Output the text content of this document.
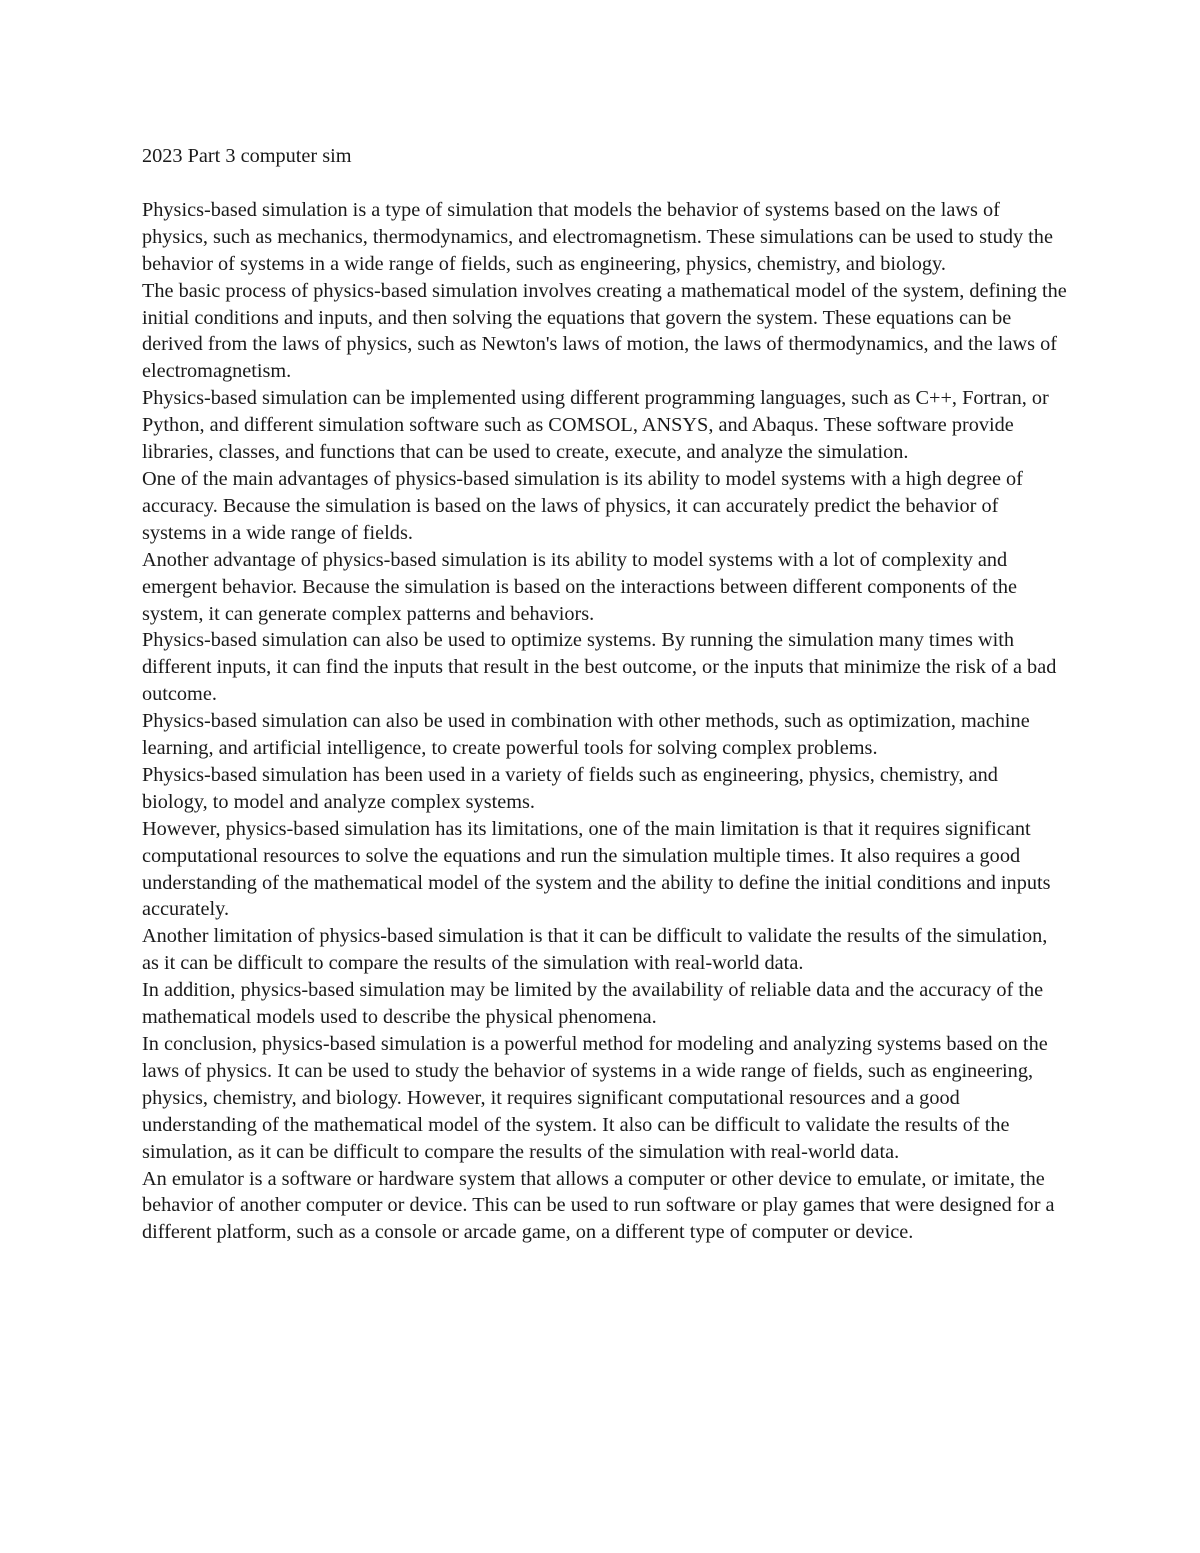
2023 Part 3 computer sim

Physics-based simulation is a type of simulation that models the behavior of systems based on the laws of physics, such as mechanics, thermodynamics, and electromagnetism. These simulations can be used to study the behavior of systems in a wide range of fields, such as engineering, physics, chemistry, and biology.

The basic process of physics-based simulation involves creating a mathematical model of the system, defining the initial conditions and inputs, and then solving the equations that govern the system. These equations can be derived from the laws of physics, such as Newton's laws of motion, the laws of thermodynamics, and the laws of electromagnetism.

Physics-based simulation can be implemented using different programming languages, such as C++, Fortran, or Python, and different simulation software such as COMSOL, ANSYS, and Abaqus. These software provide libraries, classes, and functions that can be used to create, execute, and analyze the simulation.

One of the main advantages of physics-based simulation is its ability to model systems with a high degree of accuracy. Because the simulation is based on the laws of physics, it can accurately predict the behavior of systems in a wide range of fields.

Another advantage of physics-based simulation is its ability to model systems with a lot of complexity and emergent behavior. Because the simulation is based on the interactions between different components of the system, it can generate complex patterns and behaviors.

Physics-based simulation can also be used to optimize systems. By running the simulation many times with different inputs, it can find the inputs that result in the best outcome, or the inputs that minimize the risk of a bad outcome.

Physics-based simulation can also be used in combination with other methods, such as optimization, machine learning, and artificial intelligence, to create powerful tools for solving complex problems.

Physics-based simulation has been used in a variety of fields such as engineering, physics, chemistry, and biology, to model and analyze complex systems.

However, physics-based simulation has its limitations, one of the main limitation is that it requires significant computational resources to solve the equations and run the simulation multiple times. It also requires a good understanding of the mathematical model of the system and the ability to define the initial conditions and inputs accurately.

Another limitation of physics-based simulation is that it can be difficult to validate the results of the simulation, as it can be difficult to compare the results of the simulation with real-world data.

In addition, physics-based simulation may be limited by the availability of reliable data and the accuracy of the mathematical models used to describe the physical phenomena.

In conclusion, physics-based simulation is a powerful method for modeling and analyzing systems based on the laws of physics. It can be used to study the behavior of systems in a wide range of fields, such as engineering, physics, chemistry, and biology. However, it requires significant computational resources and a good understanding of the mathematical model of the system. It also can be difficult to validate the results of the simulation, as it can be difficult to compare the results of the simulation with real-world data.

An emulator is a software or hardware system that allows a computer or other device to emulate, or imitate, the behavior of another computer or device. This can be used to run software or play games that were designed for a different platform, such as a console or arcade game, on a different type of computer or device.
